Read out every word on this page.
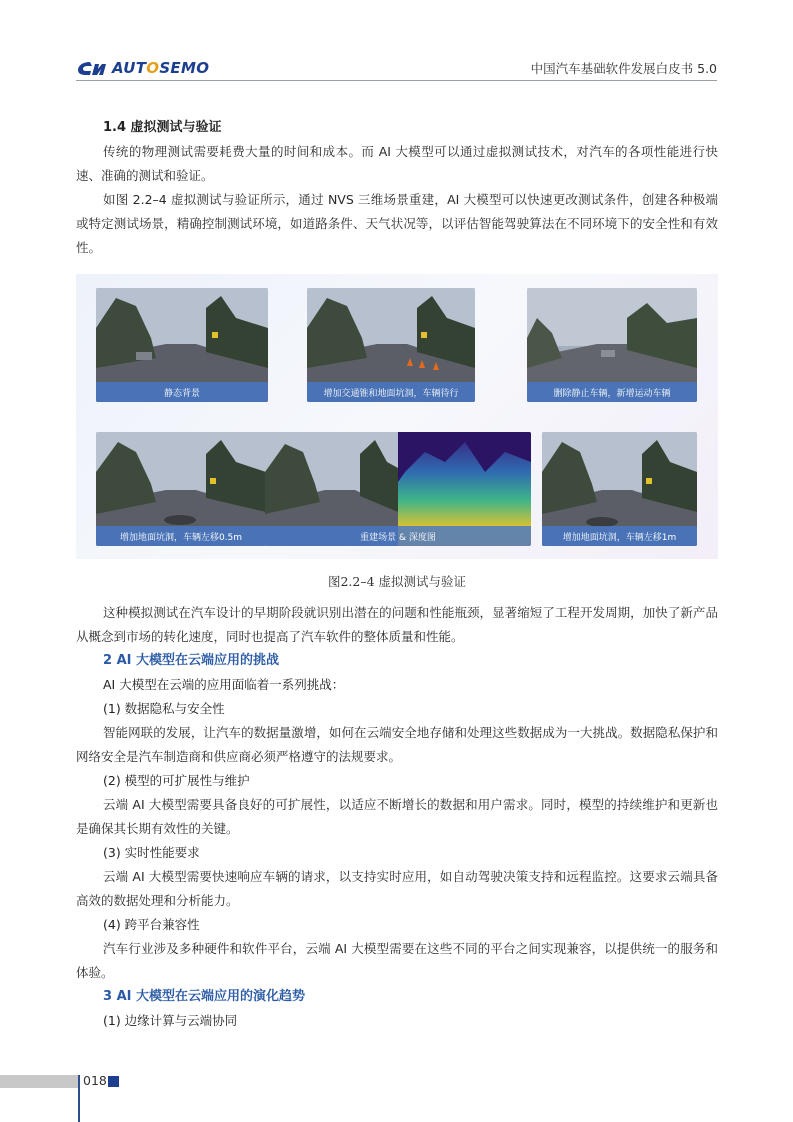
AUTOSEMO	中国汽车基础软件发展白皮书 5.0
1.4 虚拟测试与验证

传统的物理测试需要耗费大量的时间和成本。而 AI 大模型可以通过虚拟测试技术，对汽车的各项性能进行快速、准确的测试和验证。

如图 2.2–4 虚拟测试与验证所示，通过 NVS 三维场景重建，AI 大模型可以快速更改测试条件，创建各种极端或特定测试场景，精确控制测试环境，如道路条件、天气状况等，以评估智能驾驶算法在不同环境下的安全性和有效性。

静态背景	增加交通锥和地面坑洞，车辆待行	删除静止车辆，新增运动车辆
增加地面坑洞，车辆左移0.5m	重建场景 & 深度图	增加地面坑洞，车辆左移1m
图2.2–4 虚拟测试与验证

这种模拟测试在汽车设计的早期阶段就识别出潜在的问题和性能瓶颈，显著缩短了工程开发周期，加快了新产品从概念到市场的转化速度，同时也提高了汽车软件的整体质量和性能。

2 AI 大模型在云端应用的挑战
AI 大模型在云端的应用面临着一系列挑战：
(1) 数据隐私与安全性

智能网联的发展，让汽车的数据量激增，如何在云端安全地存储和处理这些数据成为一大挑战。数据隐私保护和网络安全是汽车制造商和供应商必须严格遵守的法规要求。

(2) 模型的可扩展性与维护

云端 AI 大模型需要具备良好的可扩展性，以适应不断增长的数据和用户需求。同时，模型的持续维护和更新也是确保其长期有效性的关键。

(3) 实时性能要求

云端 AI 大模型需要快速响应车辆的请求，以支持实时应用，如自动驾驶决策支持和远程监控。这要求云端具备高效的数据处理和分析能力。

(4) 跨平台兼容性

汽车行业涉及多种硬件和软件平台，云端 AI 大模型需要在这些不同的平台之间实现兼容，以提供统一的服务和体验。

3 AI 大模型在云端应用的演化趋势
(1) 边缘计算与云端协同
018
